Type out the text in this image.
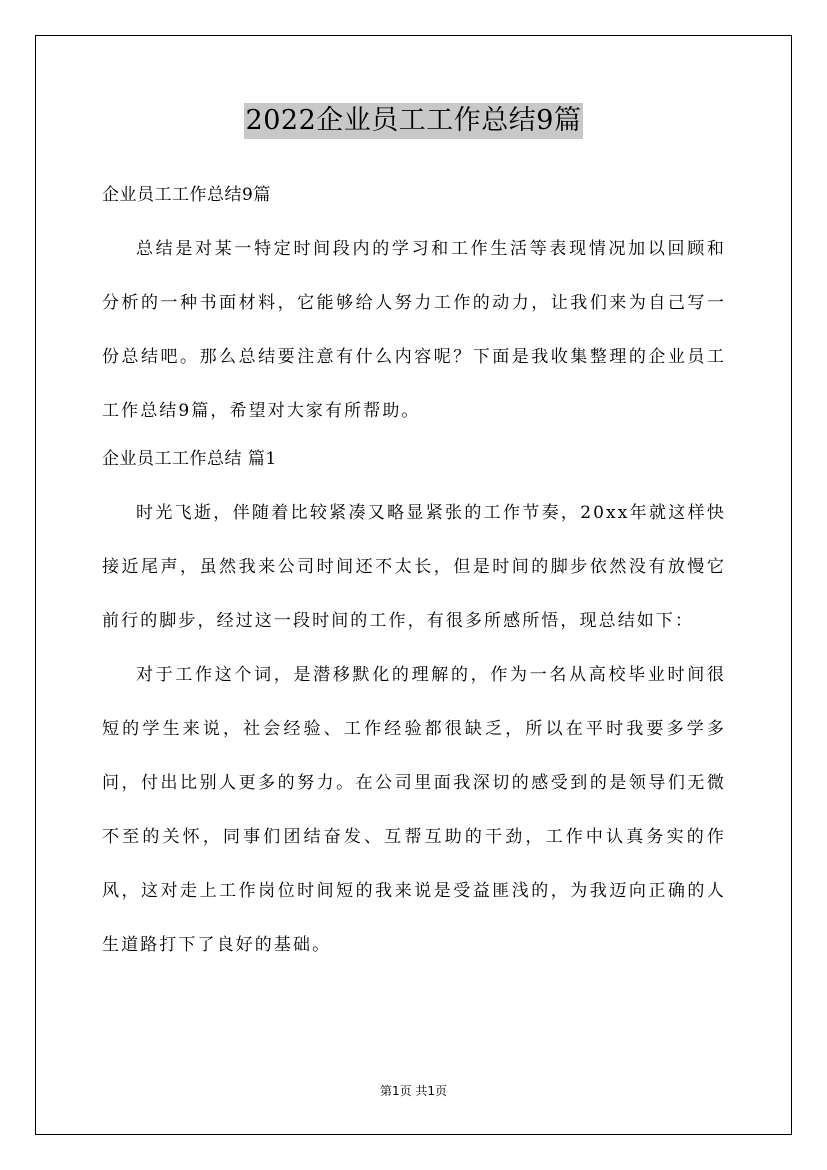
2022企业员工工作总结9篇

企业员工工作总结9篇

总结是对某一特定时间段内的学习和工作生活等表现情况加以回顾和分析的一种书面材料，它能够给人努力工作的动力，让我们来为自己写一份总结吧。那么总结要注意有什么内容呢？下面是我收集整理的企业员工工作总结9篇，希望对大家有所帮助。

企业员工工作总结 篇1

时光飞逝，伴随着比较紧凑又略显紧张的工作节奏，20xx年就这样快接近尾声，虽然我来公司时间还不太长，但是时间的脚步依然没有放慢它前行的脚步，经过这一段时间的工作，有很多所感所悟，现总结如下：

对于工作这个词，是潜移默化的理解的，作为一名从高校毕业时间很短的学生来说，社会经验、工作经验都很缺乏，所以在平时我要多学多问，付出比别人更多的努力。在公司里面我深切的感受到的是领导们无微不至的关怀，同事们团结奋发、互帮互助的干劲，工作中认真务实的作风，这对走上工作岗位时间短的我来说是受益匪浅的，为我迈向正确的人生道路打下了良好的基础。

第1页 共1页
